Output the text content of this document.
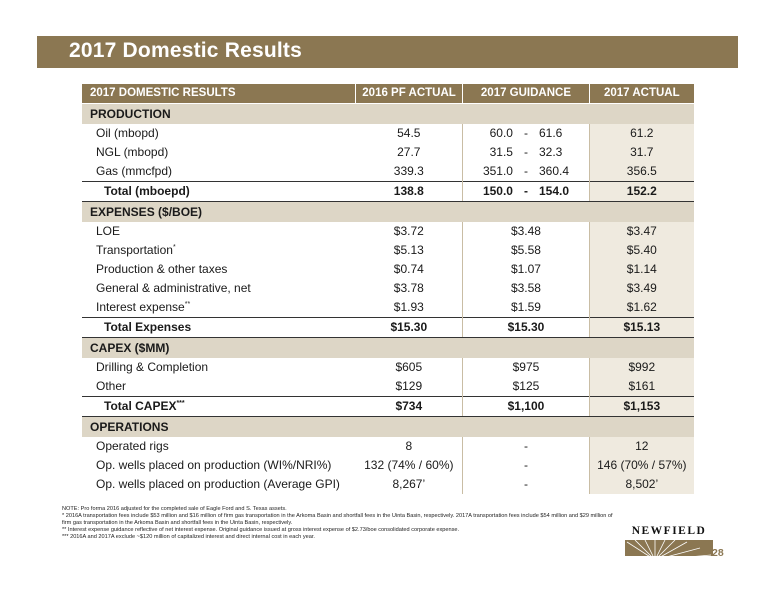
2017 Domestic Results
2017 DOMESTIC RESULTS	2016 PF ACTUAL	2017 GUIDANCE	2017 ACTUAL
PRODUCTION			
Oil (mbopd)	54.5	60.0 - 61.6	61.2
NGL (mbopd)	27.7	31.5 - 32.3	31.7
Gas (mmcfpd)	339.3	351.0 - 360.4	356.5
Total (mboepd)	138.8	150.0 - 154.0	152.2
EXPENSES ($/BOE)			
LOE	$3.72	$3.48	$3.47
Transportation*	$5.13	$5.58	$5.40
Production & other taxes	$0.74	$1.07	$1.14
General & administrative, net	$3.78	$3.58	$3.49
Interest expense**	$1.93	$1.59	$1.62
Total Expenses	$15.30	$15.30	$15.13
CAPEX ($MM)			
Drilling & Completion	$605	$975	$992
Other	$129	$125	$161
Total CAPEX***	$734	$1,100	$1,153
OPERATIONS			
Operated rigs	8	-	12
Op. wells placed on production (WI%/NRI%)	132 (74% / 60%)	-	146 (70% / 57%)
Op. wells placed on production (Average GPI)	8,267’	-	8,502’
NOTE: Pro forma 2016 adjusted for the completed sale of Eagle Ford and S. Texas assets.
* 2016A transportation fees include $53 million and $16 million of firm gas transportation in the Arkoma Basin and shortfall fees in the Uinta Basin, respectively. 2017A transportation fees include $54 million and $29 million of firm gas transportation in the Arkoma Basin and shortfall fees in the Uinta Basin, respectively.
** Interest expense guidance reflective of net interest expense. Original guidance issued at gross interest expense of $2.73/boe consolidated corporate expense.
*** 2016A and 2017A exclude ~$120 million of capitalized interest and direct internal cost in each year.	NEWFIELD
28
